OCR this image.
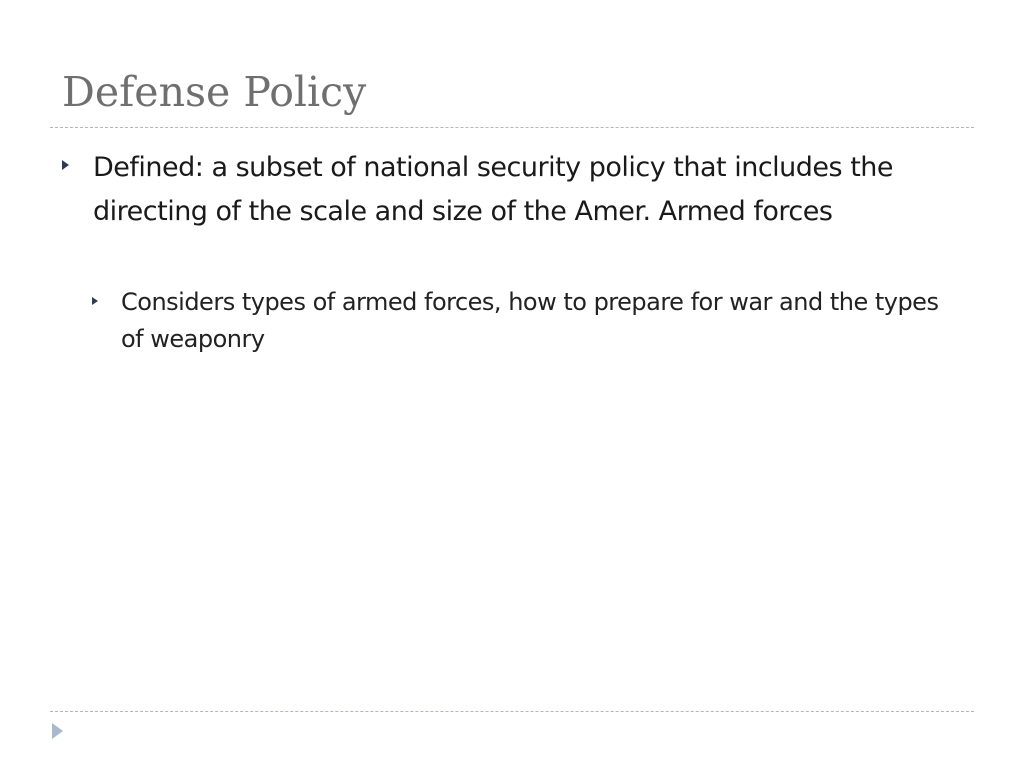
Defense Policy

Defined: a subset of national security policy that includes the directing of the scale and size of the Amer. Armed forces

Considers types of armed forces, how to prepare for war and the types of weaponry
